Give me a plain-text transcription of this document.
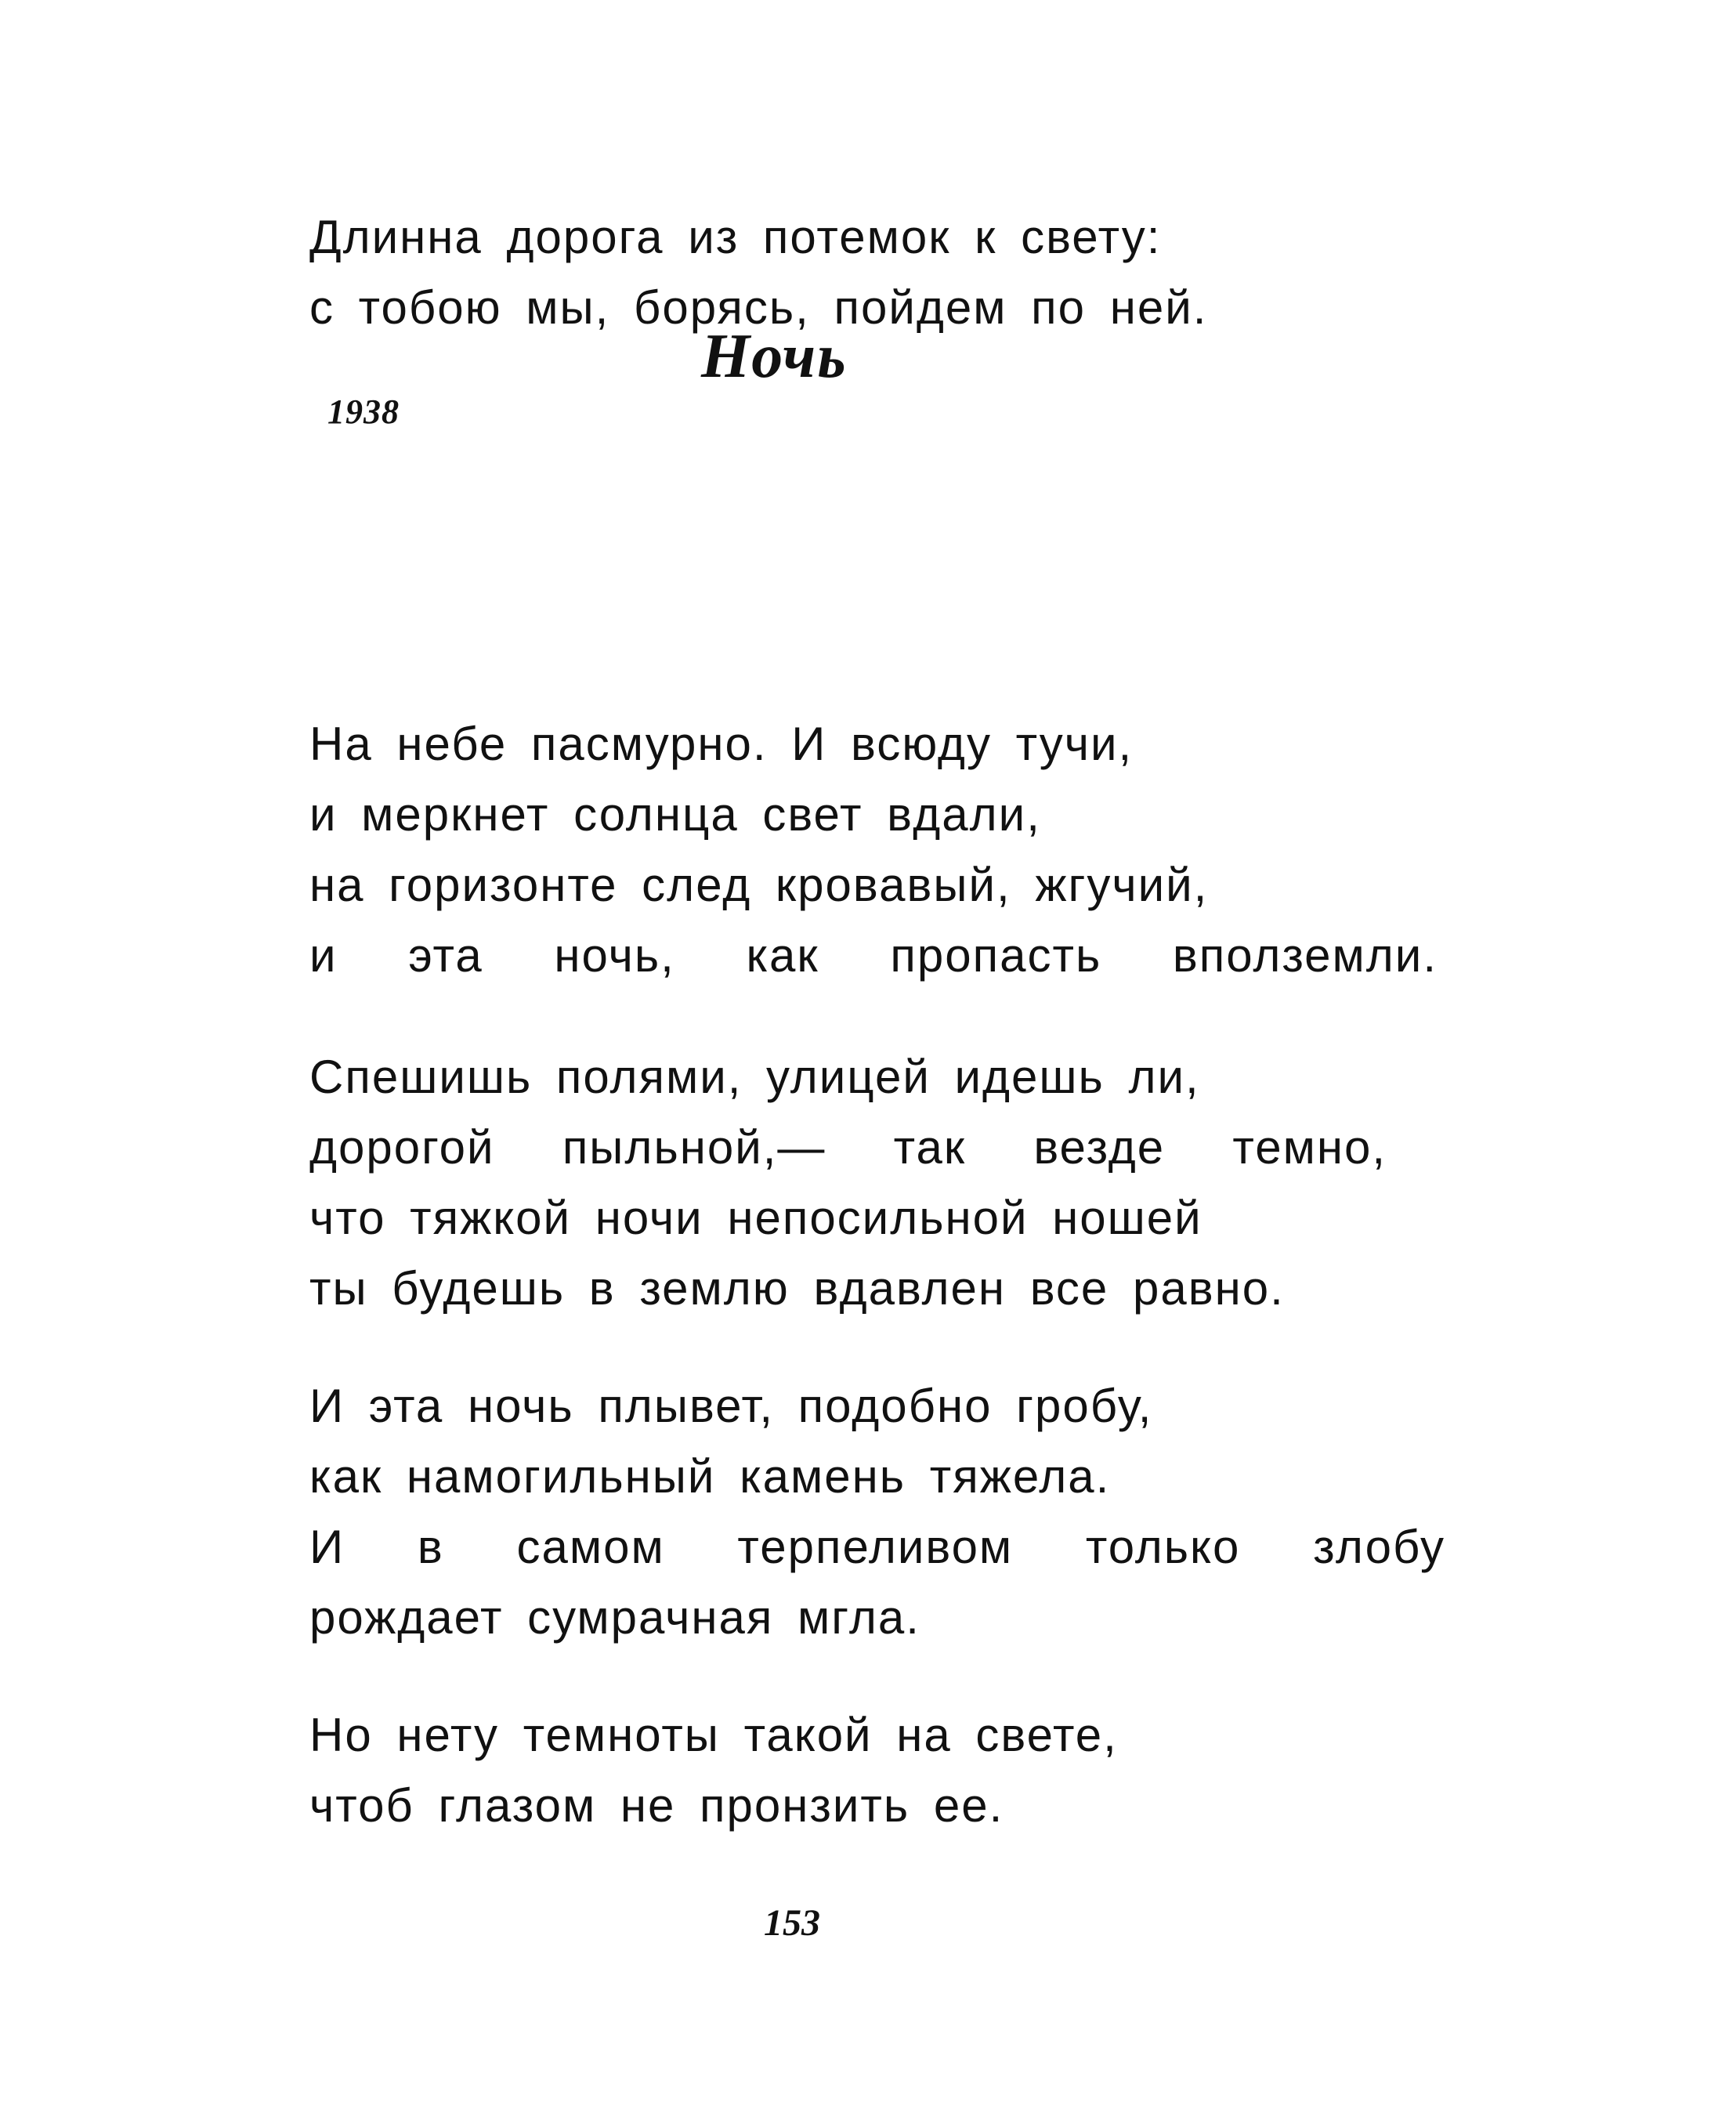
Длинна дорога из потемок к свету:
с тобою мы, борясь, пойдем по ней.
1938
Ночь
На небе пасмурно. И всюду тучи,
и меркнет солнца свет вдали,
на горизонте след кровавый, жгучий,
и эта ночь, как пропасть вполземли.
Спешишь полями, улицей идешь ли,
дорогой пыльной,— так везде темно,
что тяжкой ночи непосильной ношей
ты будешь в землю вдавлен все равно.
И эта ночь плывет, подобно гробу,
как намогильный камень тяжела.
И в самом терпеливом только злобу
рождает сумрачная мгла.
Но нету темноты такой на свете,
чтоб глазом не пронзить ее.
153
